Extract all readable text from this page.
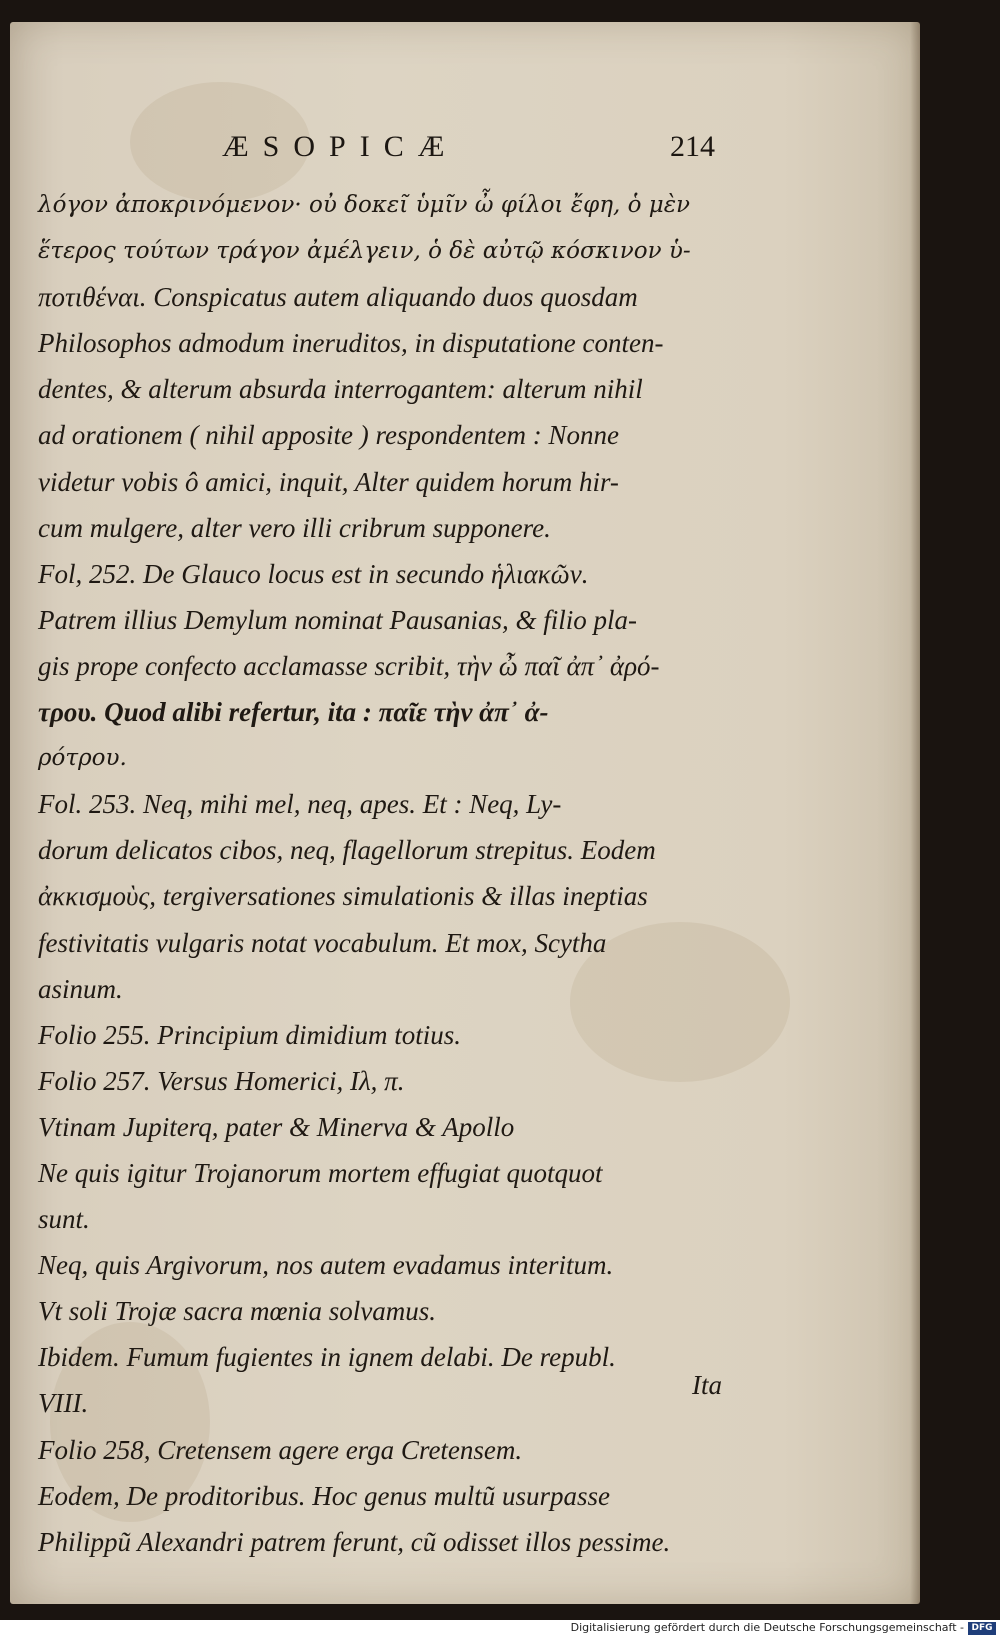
ÆSOPICÆ	214
λόγον ἀποκρινόμενον· οὐ δοκεῖ ὑμῖν ὦ φίλοι ἔφη, ὁ μὲν
ἕτερος τούτων τράγον ἀμέλγειν, ὁ δὲ αὐτῷ κόσκινον ὑ-
ποτιθέναι. Conspicatus autem aliquando duos quosdam
Philosophos admodum ineruditos, in disputatione conten-
dentes, & alterum absurda interrogantem: alterum nihil
ad orationem ( nihil apposite ) respondentem : Nonne
videtur vobis ô amici, inquit, Alter quidem horum hir-
cum mulgere, alter vero illi cribrum supponere.
Fol, 252. De Glauco locus est in secundo ἡλιακῶν.
Patrem illius Demylum nominat Pausanias, & filio pla-
gis prope confecto acclamasse scribit, τὴν ὦ παῖ ἀπ᾽ ἀρό-
τρου. Quod alibi refertur, ita : παῖε τὴν ἀπ᾽ ἀ-
ρότρου.
Fol. 253. Neq, mihi mel, neq, apes. Et : Neq, Ly-
dorum delicatos cibos, neq, flagellorum strepitus. Eodem
ἀκκισμοὺς, tergiversationes simulationis & illas ineptias
festivitatis vulgaris notat vocabulum. Et mox, Scytha
asinum.
Folio 255. Principium dimidium totius.
Folio 257. Versus Homerici, Ιλ, π.
Vtinam Jupiterq, pater & Minerva & Apollo
Ne quis igitur Trojanorum mortem effugiat quotquot
sunt.
Neq, quis Argivorum, nos autem evadamus interitum.
Vt soli Trojæ sacra mœnia solvamus.
Ibidem. Fumum fugientes in ignem delabi. De republ.
VIII.
Folio 258, Cretensem agere erga Cretensem.
Eodem, De proditoribus. Hoc genus multũ usurpasse
Philippũ Alexandri patrem ferunt, cũ odisset illos pessime.
Ita
Digitalisierung gefördert durch die Deutsche Forschungsgemeinschaft - DFG
